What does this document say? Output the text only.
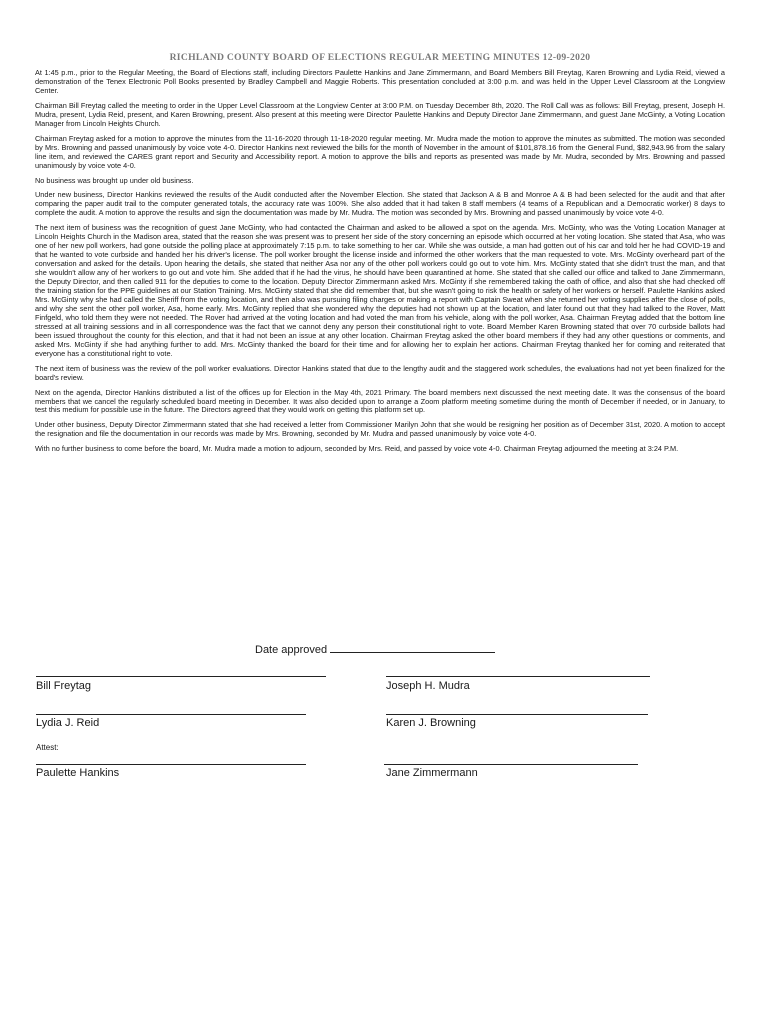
RICHLAND COUNTY BOARD OF ELECTIONS REGULAR MEETING MINUTES 12-09-2020

At 1:45 p.m., prior to the Regular Meeting, the Board of Elections staff, including Directors Paulette Hankins and Jane Zimmermann, and Board Members Bill Freytag, Karen Browning and Lydia Reid, viewed a demonstration of the Tenex Electronic Poll Books presented by Bradley Campbell and Maggie Roberts. This presentation concluded at 3:00 p.m. and was held in the Upper Level Classroom at the Longview Center.

Chairman Bill Freytag called the meeting to order in the Upper Level Classroom at the Longview Center at 3:00 P.M. on Tuesday December 8th, 2020. The Roll Call was as follows: Bill Freytag, present, Joseph H. Mudra, present, Lydia Reid, present, and Karen Browning, present. Also present at this meeting were Director Paulette Hankins and Deputy Director Jane Zimmermann, and guest Jane McGinty, a Voting Location Manager from Lincoln Heights Church.

Chairman Freytag asked for a motion to approve the minutes from the 11-16-2020 through 11-18-2020 regular meeting. Mr. Mudra made the motion to approve the minutes as submitted. The motion was seconded by Mrs. Browning and passed unanimously by voice vote 4-0. Director Hankins next reviewed the bills for the month of November in the amount of $101,878.16 from the General Fund, $82,943.96 from the salary line item, and reviewed the CARES grant report and Security and Accessibility report. A motion to approve the bills and reports as presented was made by Mr. Mudra, seconded by Mrs. Browning and passed unanimously by voice vote 4-0.

No business was brought up under old business.

Under new business, Director Hankins reviewed the results of the Audit conducted after the November Election. She stated that Jackson A & B and Monroe A & B had been selected for the audit and that after comparing the paper audit trail to the computer generated totals, the accuracy rate was 100%. She also added that it had taken 8 staff members (4 teams of a Republican and a Democratic worker) 8 days to complete the audit. A motion to approve the results and sign the documentation was made by Mr. Mudra. The motion was seconded by Mrs. Browning and passed unanimously by voice vote 4-0.

The next item of business was the recognition of guest Jane McGinty, who had contacted the Chairman and asked to be allowed a spot on the agenda. Mrs. McGinty, who was the Voting Location Manager at Lincoln Heights Church in the Madison area, stated that the reason she was present was to present her side of the story concerning an episode which occurred at her voting location. She stated that Asa, who was one of her new poll workers, had gone outside the polling place at approximately 7:15 p.m. to take something to her car. While she was outside, a man had gotten out of his car and told her he had COVID-19 and that he wanted to vote curbside and handed her his driver's license. The poll worker brought the license inside and informed the other workers that the man requested to vote. Mrs. McGinty overheard part of the conversation and asked for the details. Upon hearing the details, she stated that neither Asa nor any of the other poll workers could go out to vote him. Mrs. McGinty stated that she didn't trust the man, and that she wouldn't allow any of her workers to go out and vote him. She added that if he had the virus, he should have been quarantined at home. She stated that she called our office and talked to Jane Zimmermann, the Deputy Director, and then called 911 for the deputies to come to the location. Deputy Director Zimmermann asked Mrs. McGinty if she remembered taking the oath of office, and also that she had checked off the training station for the PPE guidelines at our Station Training. Mrs. McGinty stated that she did remember that, but she wasn't going to risk the health or safety of her workers or herself. Paulette Hankins asked Mrs. McGinty why she had called the Sheriff from the voting location, and then also was pursuing filing charges or making a report with Captain Sweat when she returned her voting supplies after the close of polls, and why she sent the other poll worker, Asa, home early. Mrs. McGinty replied that she wondered why the deputies had not shown up at the location, and later found out that they had talked to the Rover, Matt Finfgeld, who told them they were not needed. The Rover had arrived at the voting location and had voted the man from his vehicle, along with the poll worker, Asa. Chairman Freytag added that the bottom line stressed at all training sessions and in all correspondence was the fact that we cannot deny any person their constitutional right to vote. Board Member Karen Browning stated that over 70 curbside ballots had been issued throughout the county for this election, and that it had not been an issue at any other location. Chairman Freytag asked the other board members if they had any other questions or comments, and asked Mrs. McGinty if she had anything further to add. Mrs. McGinty thanked the board for their time and for allowing her to explain her actions. Chairman Freytag thanked her for coming and reiterated that everyone has a constitutional right to vote.

The next item of business was the review of the poll worker evaluations. Director Hankins stated that due to the lengthy audit and the staggered work schedules, the evaluations had not yet been finalized for the board's review.

Next on the agenda, Director Hankins distributed a list of the offices up for Election in the May 4th, 2021 Primary. The board members next discussed the next meeting date. It was the consensus of the board members that we cancel the regularly scheduled board meeting in December. It was also decided upon to arrange a Zoom platform meeting sometime during the month of December if needed, or in January, to test this medium for possible use in the future. The Directors agreed that they would work on getting this platform set up.

Under other business, Deputy Director Zimmermann stated that she had received a letter from Commissioner Marilyn John that she would be resigning her position as of December 31st, 2020. A motion to accept the resignation and file the documentation in our records was made by Mrs. Browning, seconded by Mr. Mudra and passed unanimously by voice vote 4-0.

With no further business to come before the board, Mr. Mudra made a motion to adjourn, seconded by Mrs. Reid, and passed by voice vote 4-0. Chairman Freytag adjourned the meeting at 3:24 P.M.

Date approved
Bill Freytag	Joseph H. Mudra
Lydia J. Reid	Karen J. Browning
Attest:
Paulette Hankins	Jane Zimmermann
